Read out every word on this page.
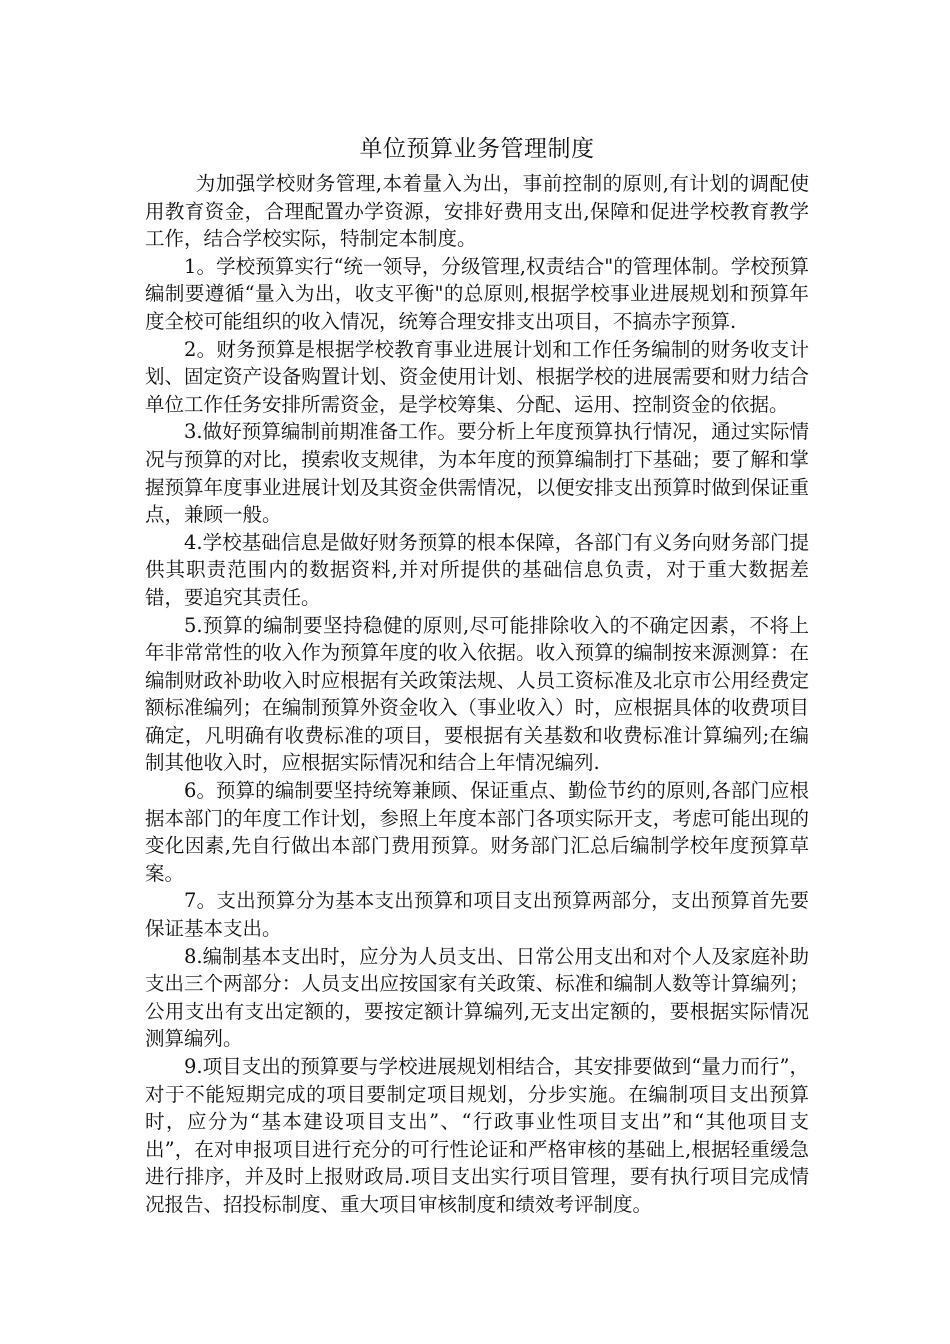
单位预算业务管理制度

为加强学校财务管理,本着量入为出，事前控制的原则,有计划的调配使用教育资金，合理配置办学资源，安排好费用支出,保障和促进学校教育教学工作，结合学校实际，特制定本制度。

1。学校预算实行“统一领导，分级管理,权责结合"的管理体制。学校预算编制要遵循“量入为出，收支平衡"的总原则,根据学校事业进展规划和预算年度全校可能组织的收入情况，统筹合理安排支出项目，不搞赤字预算.

2。财务预算是根据学校教育事业进展计划和工作任务编制的财务收支计划、固定资产设备购置计划、资金使用计划、根据学校的进展需要和财力结合单位工作任务安排所需资金，是学校筹集、分配、运用、控制资金的依据。

3.做好预算编制前期准备工作。要分析上年度预算执行情况，通过实际情况与预算的对比，摸索收支规律，为本年度的预算编制打下基础；要了解和掌握预算年度事业进展计划及其资金供需情况，以便安排支出预算时做到保证重点，兼顾一般。

4.学校基础信息是做好财务预算的根本保障，各部门有义务向财务部门提供其职责范围内的数据资料,并对所提供的基础信息负责，对于重大数据差错，要追究其责任。

5.预算的编制要坚持稳健的原则,尽可能排除收入的不确定因素，不将上年非常常性的收入作为预算年度的收入依据。收入预算的编制按来源测算：在编制财政补助收入时应根据有关政策法规、人员工资标准及北京市公用经费定额标准编列；在编制预算外资金收入（事业收入）时，应根据具体的收费项目确定，凡明确有收费标准的项目，要根据有关基数和收费标准计算编列;在编制其他收入时，应根据实际情况和结合上年情况编列.

6。预算的编制要坚持统筹兼顾、保证重点、勤俭节约的原则,各部门应根据本部门的年度工作计划，参照上年度本部门各项实际开支，考虑可能出现的变化因素,先自行做出本部门费用预算。财务部门汇总后编制学校年度预算草案。

7。支出预算分为基本支出预算和项目支出预算两部分，支出预算首先要保证基本支出。

8.编制基本支出时，应分为人员支出、日常公用支出和对个人及家庭补助支出三个两部分：人员支出应按国家有关政策、标准和编制人数等计算编列；公用支出有支出定额的，要按定额计算编列,无支出定额的，要根据实际情况测算编列。

9.项目支出的预算要与学校进展规划相结合，其安排要做到“量力而行”，对于不能短期完成的项目要制定项目规划，分步实施。在编制项目支出预算时，应分为“基本建设项目支出”、“行政事业性项目支出”和“其他项目支出”，在对申报项目进行充分的可行性论证和严格审核的基础上,根据轻重缓急进行排序，并及时上报财政局.项目支出实行项目管理，要有执行项目完成情况报告、招投标制度、重大项目审核制度和绩效考评制度。
